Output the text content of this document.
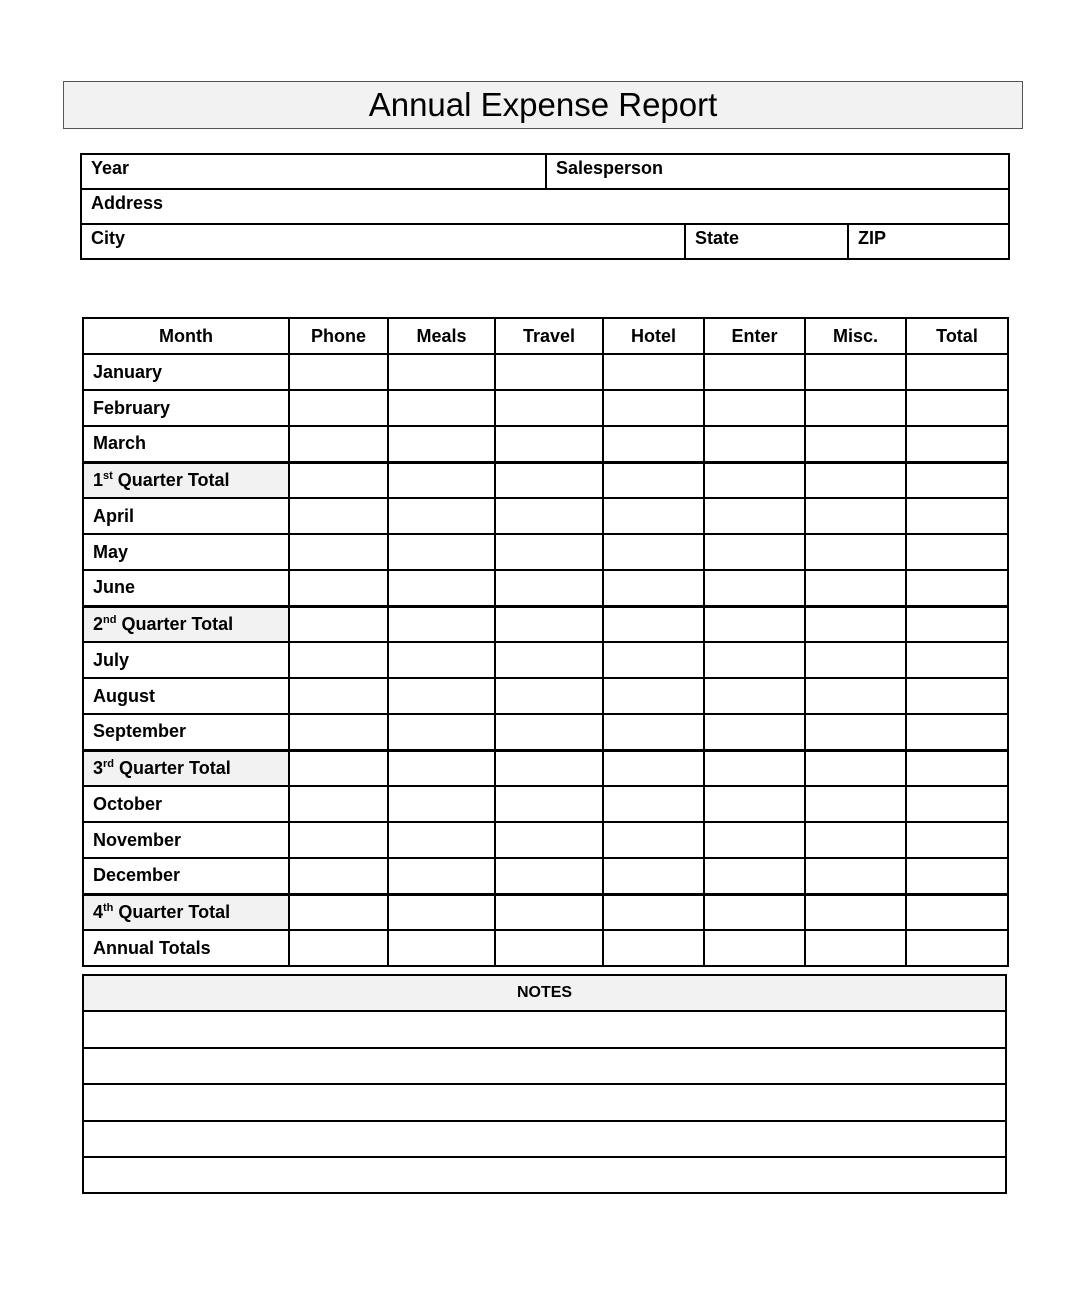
Annual Expense Report
Year	Salesperson
Address
City	State	ZIP
Month	Phone	Meals	Travel	Hotel	Enter	Misc.	Total
January							
February							
March							
1st Quarter Total							
April							
May							
June							
2nd Quarter Total							
July							
August							
September							
3rd Quarter Total							
October							
November							
December							
4th Quarter Total							
Annual Totals							
NOTES
